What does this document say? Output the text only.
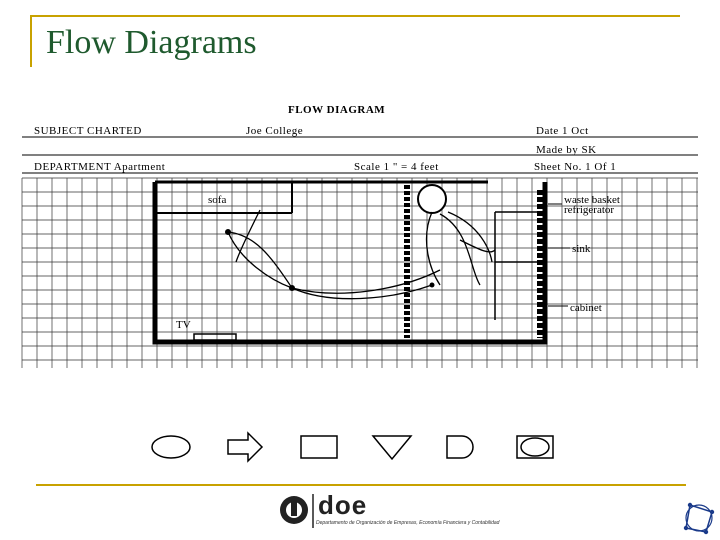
Flow Diagrams
FLOW DIAGRAM
SUBJECT CHARTED	Joe College	Date 1 Oct
Made by SK
DEPARTMENT Apartment	Scale 1 " = 4 feet	Sheet No. 1 Of 1
sofa	waste basket
refrigerator
sink
cabinet
TV
doe
Departamento de Organización de Empresas, Economía Financiera y Contabilidad
